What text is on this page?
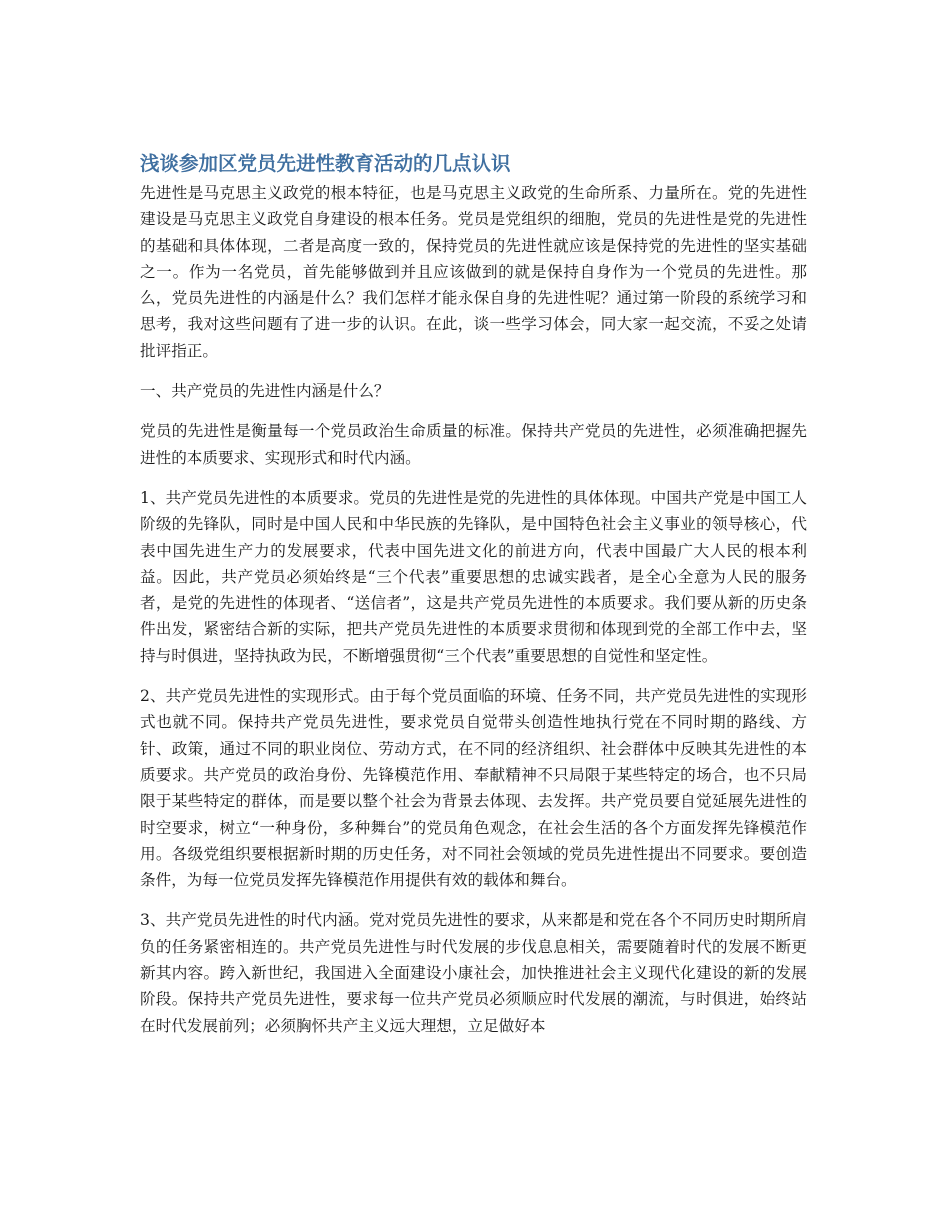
浅谈参加区党员先进性教育活动的几点认识

先进性是马克思主义政党的根本特征，也是马克思主义政党的生命所系、力量所在。党的先进性建设是马克思主义政党自身建设的根本任务。党员是党组织的细胞，党员的先进性是党的先进性的基础和具体体现，二者是高度一致的，保持党员的先进性就应该是保持党的先进性的坚实基础之一。作为一名党员，首先能够做到并且应该做到的就是保持自身作为一个党员的先进性。那么，党员先进性的内涵是什么？我们怎样才能永保自身的先进性呢？通过第一阶段的系统学习和思考，我对这些问题有了进一步的认识。在此，谈一些学习体会，同大家一起交流，不妥之处请批评指正。

一、共产党员的先进性内涵是什么？

党员的先进性是衡量每一个党员政治生命质量的标准。保持共产党员的先进性，必须准确把握先进性的本质要求、实现形式和时代内涵。

1、共产党员先进性的本质要求。党员的先进性是党的先进性的具体体现。中国共产党是中国工人阶级的先锋队，同时是中国人民和中华民族的先锋队，是中国特色社会主义事业的领导核心，代表中国先进生产力的发展要求，代表中国先进文化的前进方向，代表中国最广大人民的根本利益。因此，共产党员必须始终是“三个代表”重要思想的忠诚实践者，是全心全意为人民的服务者，是党的先进性的体现者、“送信者”，这是共产党员先进性的本质要求。我们要从新的历史条件出发，紧密结合新的实际，把共产党员先进性的本质要求贯彻和体现到党的全部工作中去，坚持与时俱进，坚持执政为民，不断增强贯彻“三个代表”重要思想的自觉性和坚定性。

2、共产党员先进性的实现形式。由于每个党员面临的环境、任务不同，共产党员先进性的实现形式也就不同。保持共产党员先进性，要求党员自觉带头创造性地执行党在不同时期的路线、方针、政策，通过不同的职业岗位、劳动方式，在不同的经济组织、社会群体中反映其先进性的本质要求。共产党员的政治身份、先锋模范作用、奉献精神不只局限于某些特定的场合，也不只局限于某些特定的群体，而是要以整个社会为背景去体现、去发挥。共产党员要自觉延展先进性的时空要求，树立“一种身份，多种舞台”的党员角色观念，在社会生活的各个方面发挥先锋模范作用。各级党组织要根据新时期的历史任务，对不同社会领域的党员先进性提出不同要求。要创造条件，为每一位党员发挥先锋模范作用提供有效的载体和舞台。

3、共产党员先进性的时代内涵。党对党员先进性的要求，从来都是和党在各个不同历史时期所肩负的任务紧密相连的。共产党员先进性与时代发展的步伐息息相关，需要随着时代的发展不断更新其内容。跨入新世纪，我国进入全面建设小康社会，加快推进社会主义现代化建设的新的发展阶段。保持共产党员先进性，要求每一位共产党员必须顺应时代发展的潮流，与时俱进，始终站在时代发展前列；必须胸怀共产主义远大理想，立足做好本
